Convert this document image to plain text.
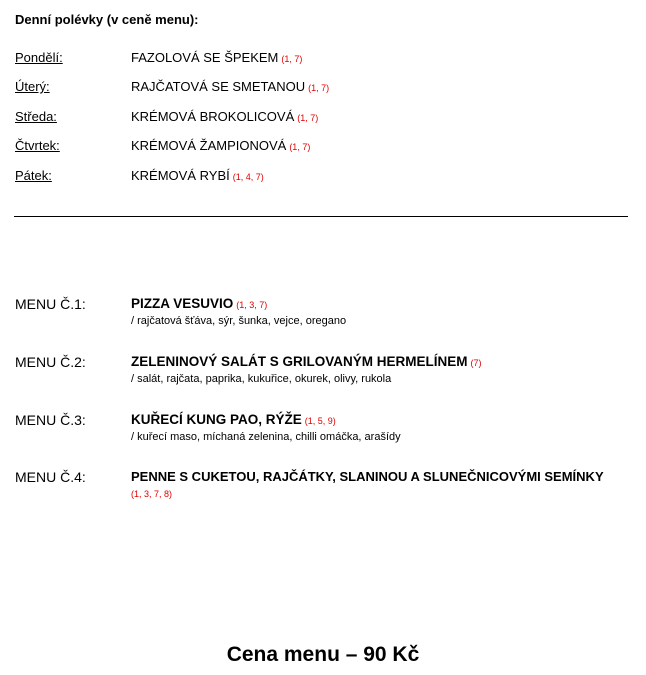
Denní polévky (v ceně menu):
Pondělí:	FAZOLOVÁ SE ŠPEKEM (1, 7)
Úterý:	RAJČATOVÁ SE SMETANOU (1, 7)
Středa:	KRÉMOVÁ BROKOLICOVÁ (1, 7)
Čtvrtek:	KRÉMOVÁ ŽAMPIONOVÁ (1, 7)
Pátek:	KRÉMOVÁ RYBÍ (1, 4, 7)
MENU Č.1:	PIZZA VESUVIO (1, 3, 7)
/ rajčatová šťáva, sýr, šunka, vejce, oregano
MENU Č.2:	ZELENINOVÝ SALÁT S GRILOVANÝM HERMELÍNEM (7)
/ salát, rajčata, paprika, kukuřice, okurek, olivy, rukola
MENU Č.3:	KUŘECÍ KUNG PAO, RÝŽE (1, 5, 9)
/ kuřecí maso, míchaná zelenina, chilli omáčka, arašídy
MENU Č.4:	PENNE S CUKETOU, RAJČÁTKY, SLANINOU A SLUNEČNICOVÝMI SEMÍNKY
(1, 3, 7, 8)
Cena menu – 90 Kč
